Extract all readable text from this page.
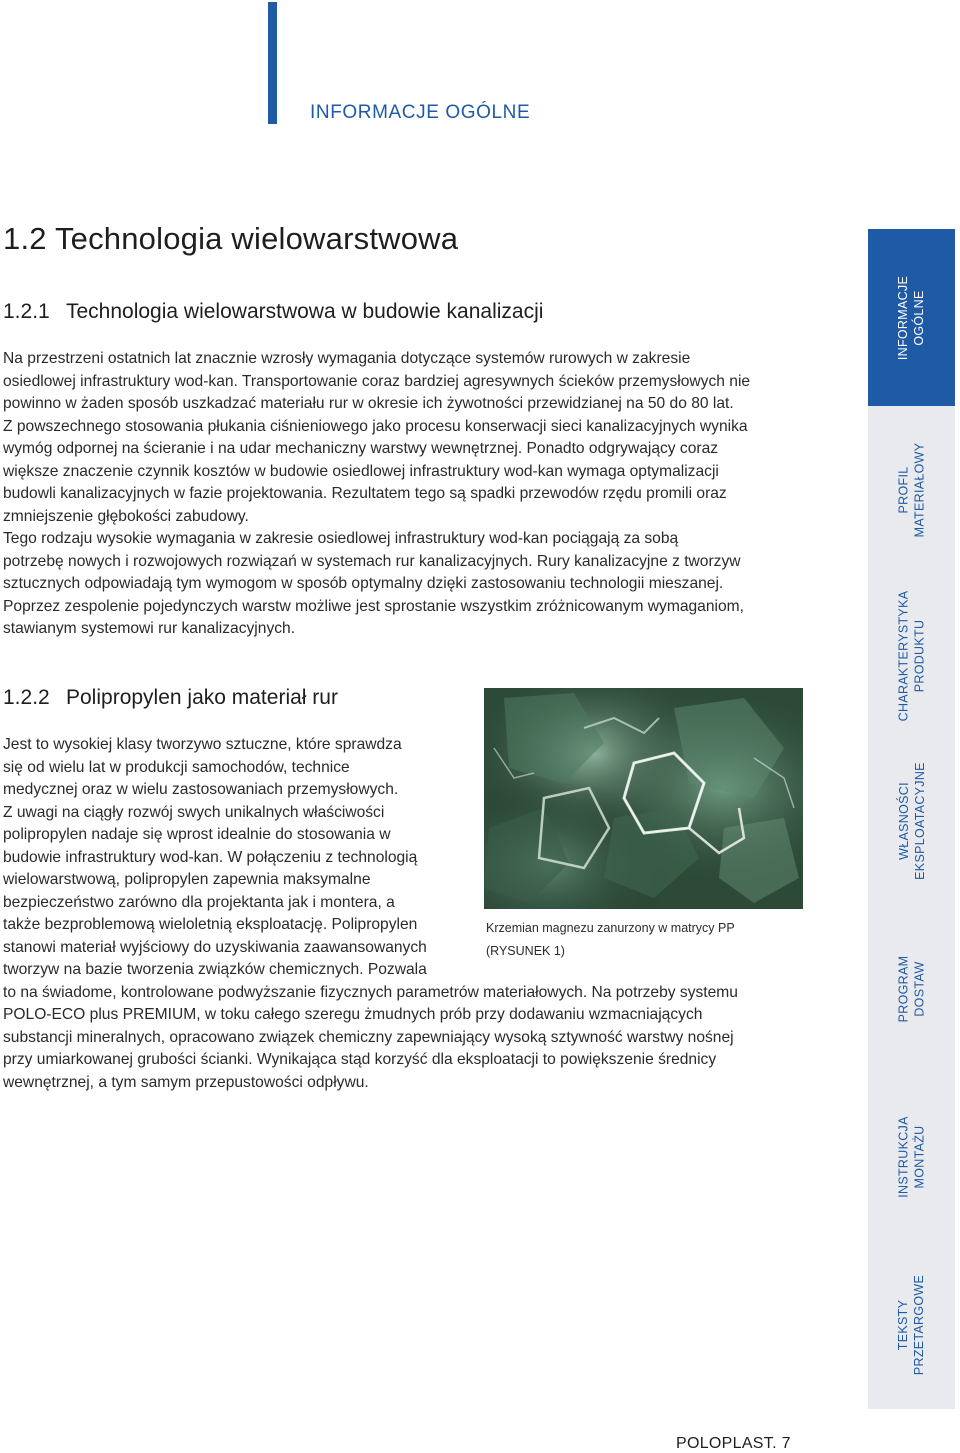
INFORMACJE OGÓLNE
1.2 Technologia wielowarstwowa
1.2.1 Technologia wielowarstwowa w budowie kanalizacji
Na przestrzeni ostatnich lat znacznie wzrosły wymagania dotyczące systemów rurowych w zakresie
osiedlowej infrastruktury wod-kan. Transportowanie coraz bardziej agresywnych ścieków przemysłowych nie
powinno w żaden sposób uszkadzać materiału rur w okresie ich żywotności przewidzianej na 50 do 80 lat.
Z powszechnego stosowania płukania ciśnieniowego jako procesu konserwacji sieci kanalizacyjnych wynika
wymóg odpornej na ścieranie i na udar mechaniczny warstwy wewnętrznej. Ponadto odgrywający coraz
większe znaczenie czynnik kosztów w budowie osiedlowej infrastruktury wod-kan wymaga optymalizacji
budowli kanalizacyjnych w fazie projektowania. Rezultatem tego są spadki przewodów rzędu promili oraz
zmniejszenie głębokości zabudowy.
Tego rodzaju wysokie wymagania w zakresie osiedlowej infrastruktury wod-kan pociągają za sobą
potrzebę nowych i rozwojowych rozwiązań w systemach rur kanalizacyjnych. Rury kanalizacyjne z tworzyw
sztucznych odpowiadają tym wymogom w sposób optymalny dzięki zastosowaniu technologii mieszanej.
Poprzez zespolenie pojedynczych warstw możliwe jest sprostanie wszystkim zróżnicowanym wymaganiom,
stawianym systemowi rur kanalizacyjnych.
1.2.2 Polipropylen jako materiał rur
Jest to wysokiej klasy tworzywo sztuczne, które sprawdza
się od wielu lat w produkcji samochodów, technice
medycznej oraz w wielu zastosowaniach przemysłowych.
Z uwagi na ciągły rozwój swych unikalnych właściwości
polipropylen nadaje się wprost idealnie do stosowania w
budowie infrastruktury wod-kan. W połączeniu z technologią
wielowarstwową, polipropylen zapewnia maksymalne
bezpieczeństwo zarówno dla projektanta jak i montera, a
także bezproblemową wieloletnią eksploatację. Polipropylen
stanowi materiał wyjściowy do uzyskiwania zaawansowanych
tworzyw na bazie tworzenia związków chemicznych. Pozwala
to na świadome, kontrolowane podwyższanie fizycznych parametrów materiałowych. Na potrzeby systemu
POLO-ECO plus PREMIUM, w toku całego szeregu żmudnych prób przy dodawaniu wzmacniających
substancji mineralnych, opracowano związek chemiczny zapewniający wysoką sztywność warstwy nośnej
przy umiarkowanej grubości ścianki. Wynikająca stąd korzyść dla eksploatacji to powiększenie średnicy
wewnętrznej, a tym samym przepustowości odpływu.

Krzemian magnezu zanurzony w matrycy PP

(RYSUNEK 1)

INFORMACJE OGÓLNE
PROFIL MATERIAŁOWY
CHARAKTERYSTYKA PRODUKTU
WŁASNOŚCI EKSPLOATACYJNE
PROGRAM DOSTAW
INSTRUKCJA MONTAŻU
TEKSTY PRZETARGOWE

POLOPLAST. 7
